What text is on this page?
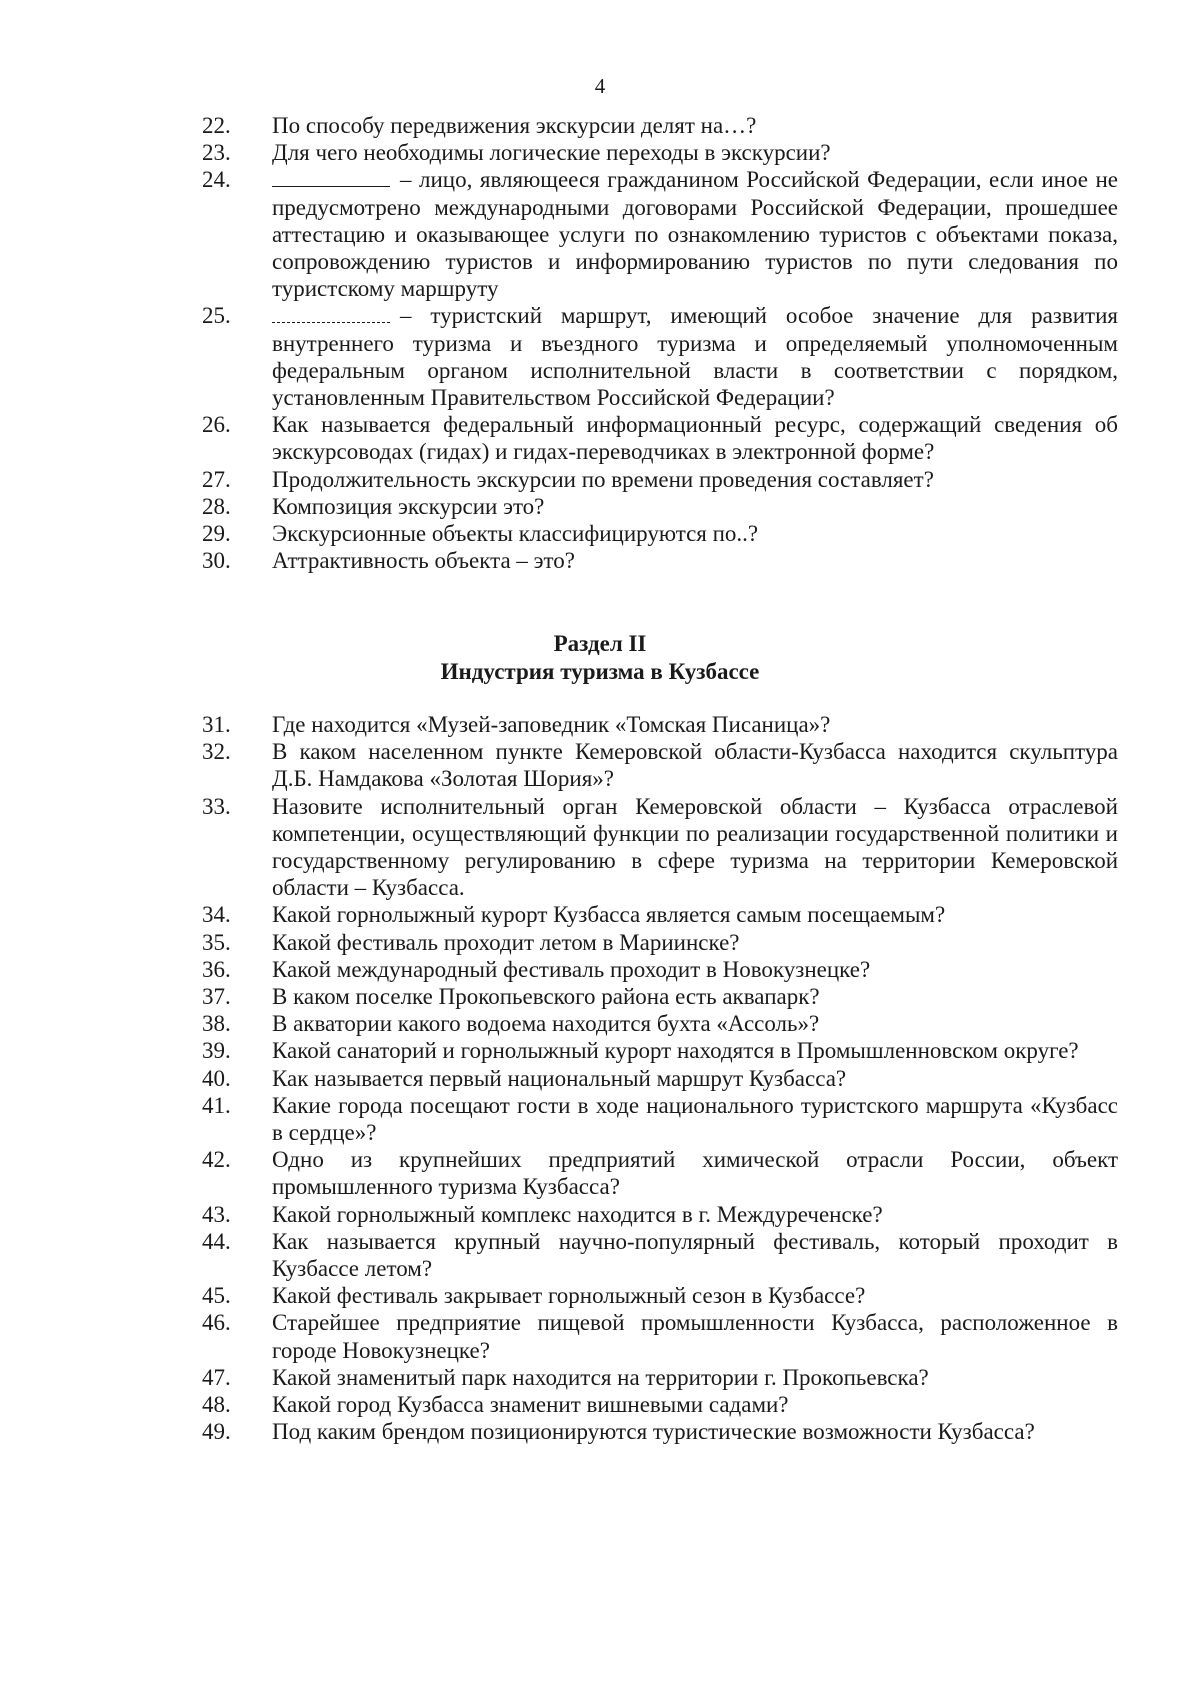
4
22.	По способу передвижения экскурсии делят на…?
23.	Для чего необходимы логические переходы в экскурсии?
24.	– лицо, являющееся гражданином Российской Федерации, если иное не предусмотрено международными договорами Российской Федерации, прошедшее аттестацию и оказывающее услуги по ознакомлению туристов с объектами показа, сопровождению туристов и информированию туристов по пути следования по туристскому маршруту
25.	– туристский маршрут, имеющий особое значение для развития внутреннего туризма и въездного туризма и определяемый уполномоченным федеральным органом исполнительной власти в соответствии с порядком, установленным Правительством Российской Федерации?
26.	Как называется федеральный информационный ресурс, содержащий сведения об экскурсоводах (гидах) и гидах-переводчиках в электронной форме?
27.	Продолжительность экскурсии по времени проведения составляет?
28.	Композиция экскурсии это?
29.	Экскурсионные объекты классифицируются по..?
30.	Аттрактивность объекта – это?
Раздел II
Индустрия туризма в Кузбассе
31.	Где находится «Музей-заповедник «Томская Писаница»?
32.	В каком населенном пункте Кемеровской области-Кузбасса находится скульптура Д.Б. Намдакова «Золотая Шория»?
33.	Назовите исполнительный орган Кемеровской области – Кузбасса отраслевой компетенции, осуществляющий функции по реализации государственной политики и государственному регулированию в сфере туризма на территории Кемеровской области – Кузбасса.
34.	Какой горнолыжный курорт Кузбасса является самым посещаемым?
35.	Какой фестиваль проходит летом в Мариинске?
36.	Какой международный фестиваль проходит в Новокузнецке?
37.	В каком поселке Прокопьевского района есть аквапарк?
38.	В акватории какого водоема находится бухта «Ассоль»?
39.	Какой санаторий и горнолыжный курорт находятся в Промышленновском округе?
40.	Как называется первый национальный маршрут Кузбасса?
41.	Какие города посещают гости в ходе национального туристского маршрута «Кузбасс в сердце»?
42.	Одно из крупнейших предприятий химической отрасли России, объект промышленного туризма Кузбасса?
43.	Какой горнолыжный комплекс находится в г. Междуреченске?
44.	Как называется крупный научно-популярный фестиваль, который проходит в Кузбассе летом?
45.	Какой фестиваль закрывает горнолыжный сезон в Кузбассе?
46.	Старейшее предприятие пищевой промышленности Кузбасса, расположенное в городе Новокузнецке?
47.	Какой знаменитый парк находится на территории г. Прокопьевска?
48.	Какой город Кузбасса знаменит вишневыми садами?
49.	Под каким брендом позиционируются туристические возможности Кузбасса?
